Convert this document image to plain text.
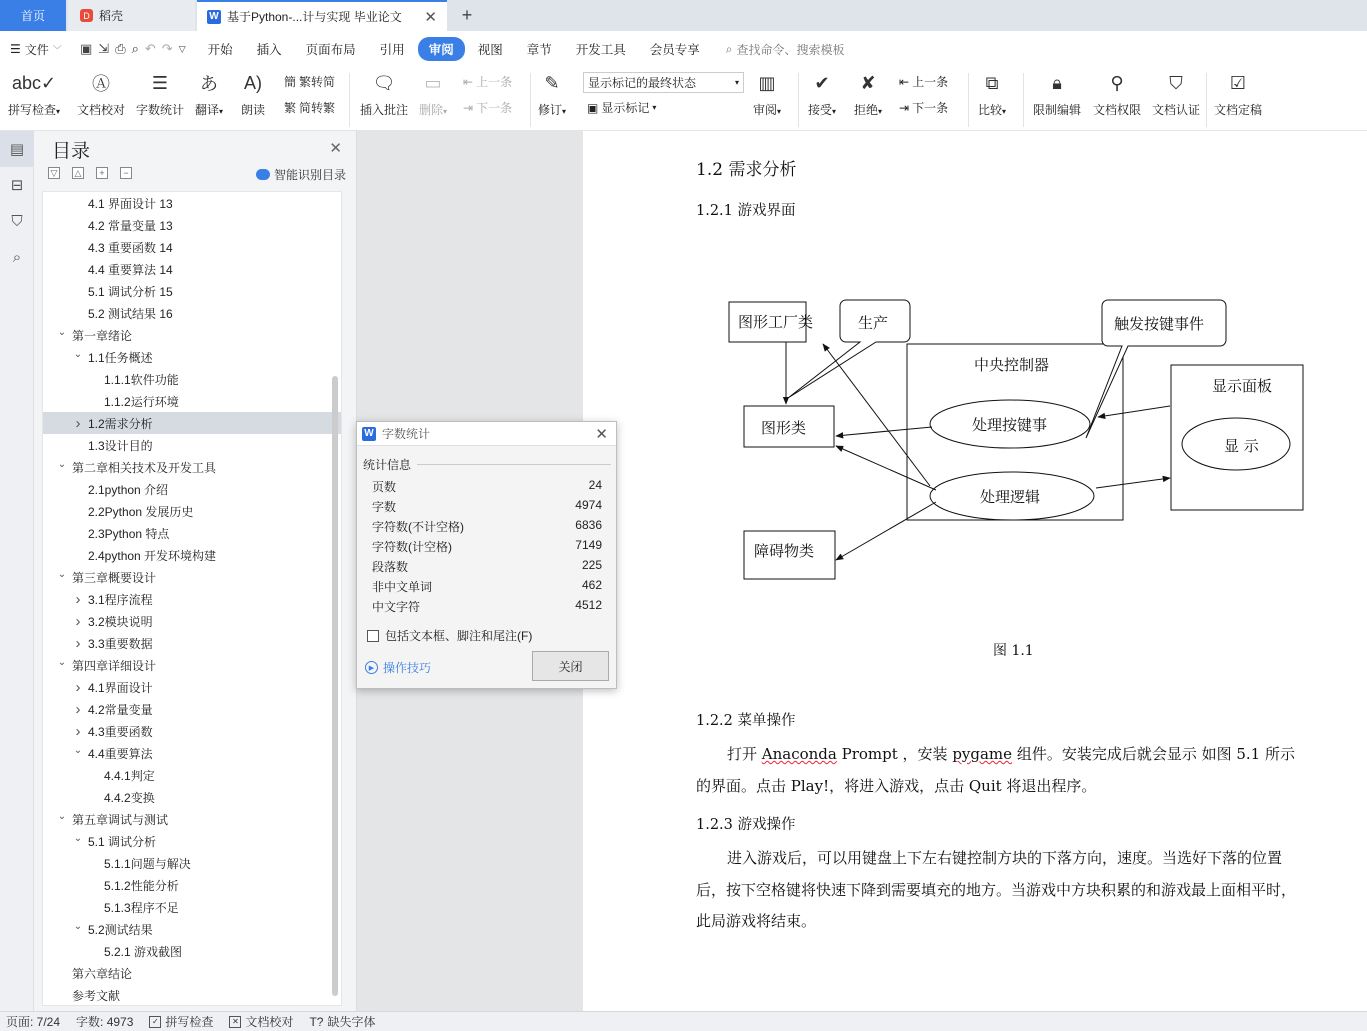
首页	D 稻壳	W 基于Python-...计与实现 毕业论文 ✕ +
☰ 文件 ﹀ ▣ ⇲ ⎙ ⌕ ↶ ↷ ▽	开始	插入	页面布局	引用	审阅	视图	章节	开发工具	会员专享	⌕ 查找命令、搜索模板
abc✓
拼写检查▾
Ⓐ
文档校对
☰
字数统计
あ
翻译▾
A)
朗读
簡 繁转简
繁 简转繁
🗨
插入批注
▭
删除▾
⇤ 上一条
⇥ 下一条
✎
修订▾
显示标记的最终状态	▾
▣ 显示标记 ▾
▥
审阅▾
✔
接受▾
✘
拒绝▾
⇤ 上一条
⇥ 下一条
⧉
比较▾
🔒︎
限制编辑
⚲
文档权限
⛉
文档认证
☑
文档定稿
▤
⊟
⛉
⌕
目录	✕
▽ △	+	−	智能识别目录
4.1 界面设计 13
4.2 常量变量 13
4.3 重要函数 14
4.4 重要算法 14
5.1 调试分析 15
5.2 测试结果 16
⌄ 第一章绪论
⌄ 1.1任务概述
1.1.1软件功能
1.1.2运行环境
› 1.2需求分析
1.3设计目的
⌄ 第二章相关技术及开发工具
2.1python 介绍
2.2Python 发展历史
2.3Python 特点
2.4python 开发环境构建
⌄ 第三章概要设计
› 3.1程序流程
› 3.2模块说明
› 3.3重要数据
⌄ 第四章详细设计
› 4.1界面设计
› 4.2常量变量
› 4.3重要函数
⌄ 4.4重要算法
4.4.1判定
4.4.2变换
⌄ 第五章调试与测试
⌄ 5.1 调试分析
5.1.1问题与解决
5.1.2性能分析
5.1.3程序不足
⌄ 5.2测试结果
5.2.1 游戏截图
第六章结论
参考文献
1.2 需求分析
1.2.1 游戏界面
图形工厂类	生产	触发按键事件
中央控制器
显示面板
图形类	处理按键事
显 示
处理逻辑
障碍物类
图 1.1
1.2.2 菜单操作
打开 Anaconda Prompt ，安装 pygame 组件。安装完成后就会显示 如图 5.1 所示的界面。点击 Play!，将进入游戏，点击 Quit 将退出程序。
1.2.3 游戏操作
进入游戏后，可以用键盘上下左右键控制方块的下落方向，速度。当选好下落的位置后，按下空格键将快速下降到需要填充的地方。当游戏中方块积累的和游戏最上面相平时，此局游戏将结束。
W 字数统计	✕
统计信息
页数	24
字数	4974
字符数(不计空格)	6836
字符数(计空格)	7149
段落数	225
非中文单词	462
中文字符	4512
包括文本框、脚注和尾注(F)
▶ 操作技巧	关闭
页面: 7/24 字数: 4973	✓ 拼写检查	✕ 文档校对 T? 缺失字体
